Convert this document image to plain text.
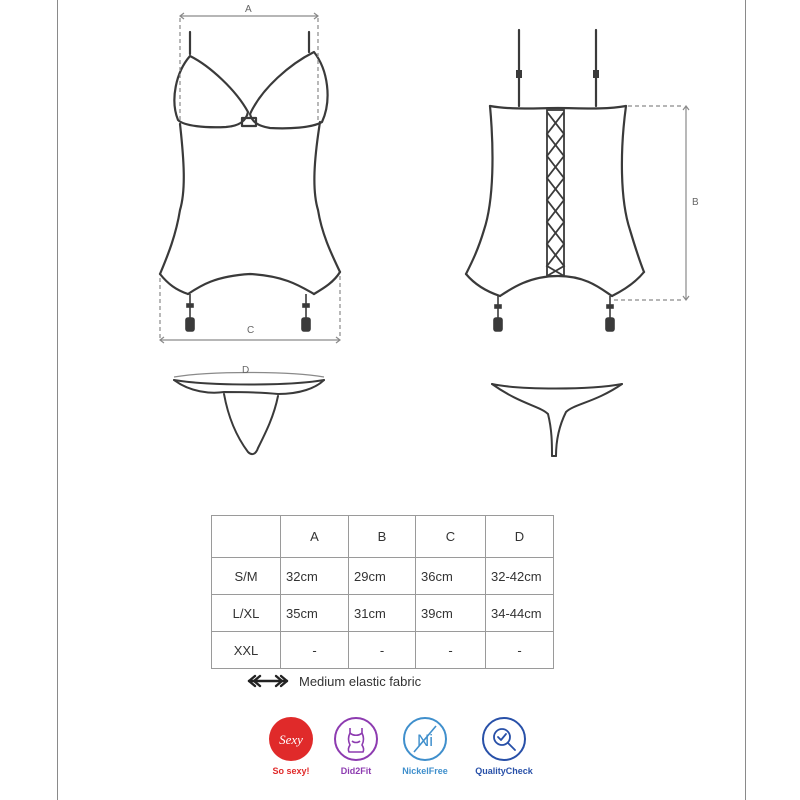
A
B
C
D
	A	B	C	D
S/M	32cm	29cm	36cm	32-42cm
L/XL	35cm	31cm	39cm	34-44cm
XXL	-	-	-	-
Medium elastic fabric
Sexy
So sexy!	Did2Fit
Ni
NickelFree	QualityCheck
